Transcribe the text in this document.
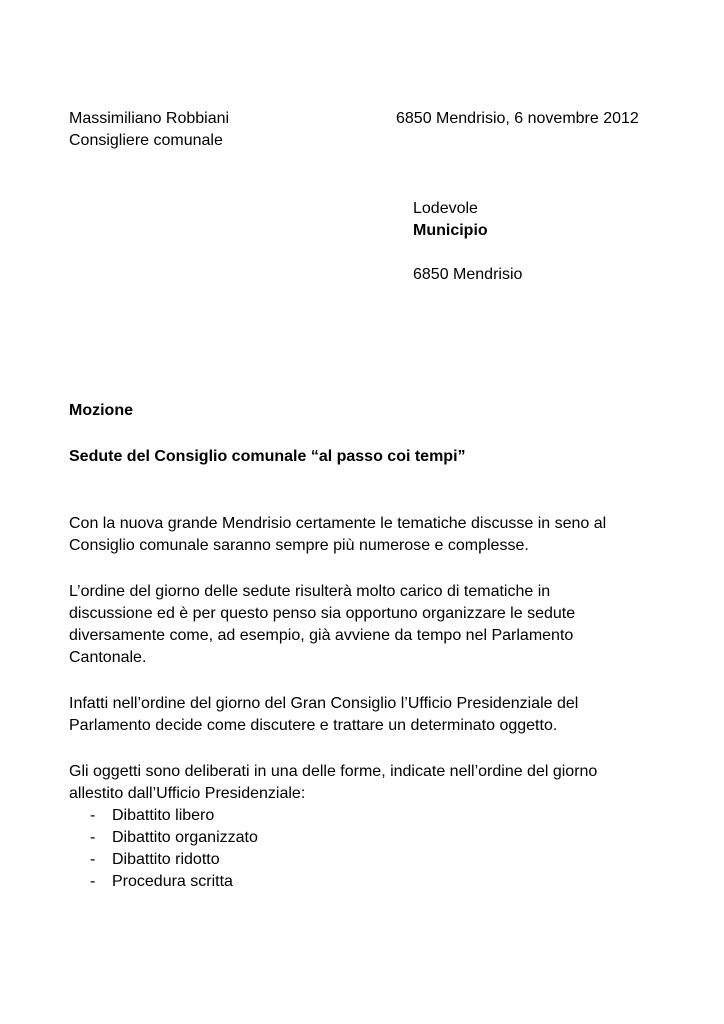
Massimiliano Robbiani
Consigliere comunale
6850 Mendrisio, 6 novembre 2012
Lodevole
Municipio
6850 Mendrisio
Mozione
Sedute del Consiglio comunale “al passo coi tempi”
Con la nuova grande Mendrisio certamente le tematiche discusse in seno al
Consiglio comunale saranno sempre più numerose e complesse.
L’ordine del giorno delle sedute risulterà molto carico di tematiche in
discussione ed è per questo penso sia opportuno organizzare le sedute
diversamente come, ad esempio, già avviene da tempo nel Parlamento
Cantonale.
Infatti nell’ordine del giorno del Gran Consiglio l’Ufficio Presidenziale del
Parlamento decide come discutere e trattare un determinato oggetto.
Gli oggetti sono deliberati in una delle forme, indicate nell’ordine del giorno
allestito dall’Ufficio Presidenziale:
- Dibattito libero
- Dibattito organizzato
- Dibattito ridotto
- Procedura scritta
